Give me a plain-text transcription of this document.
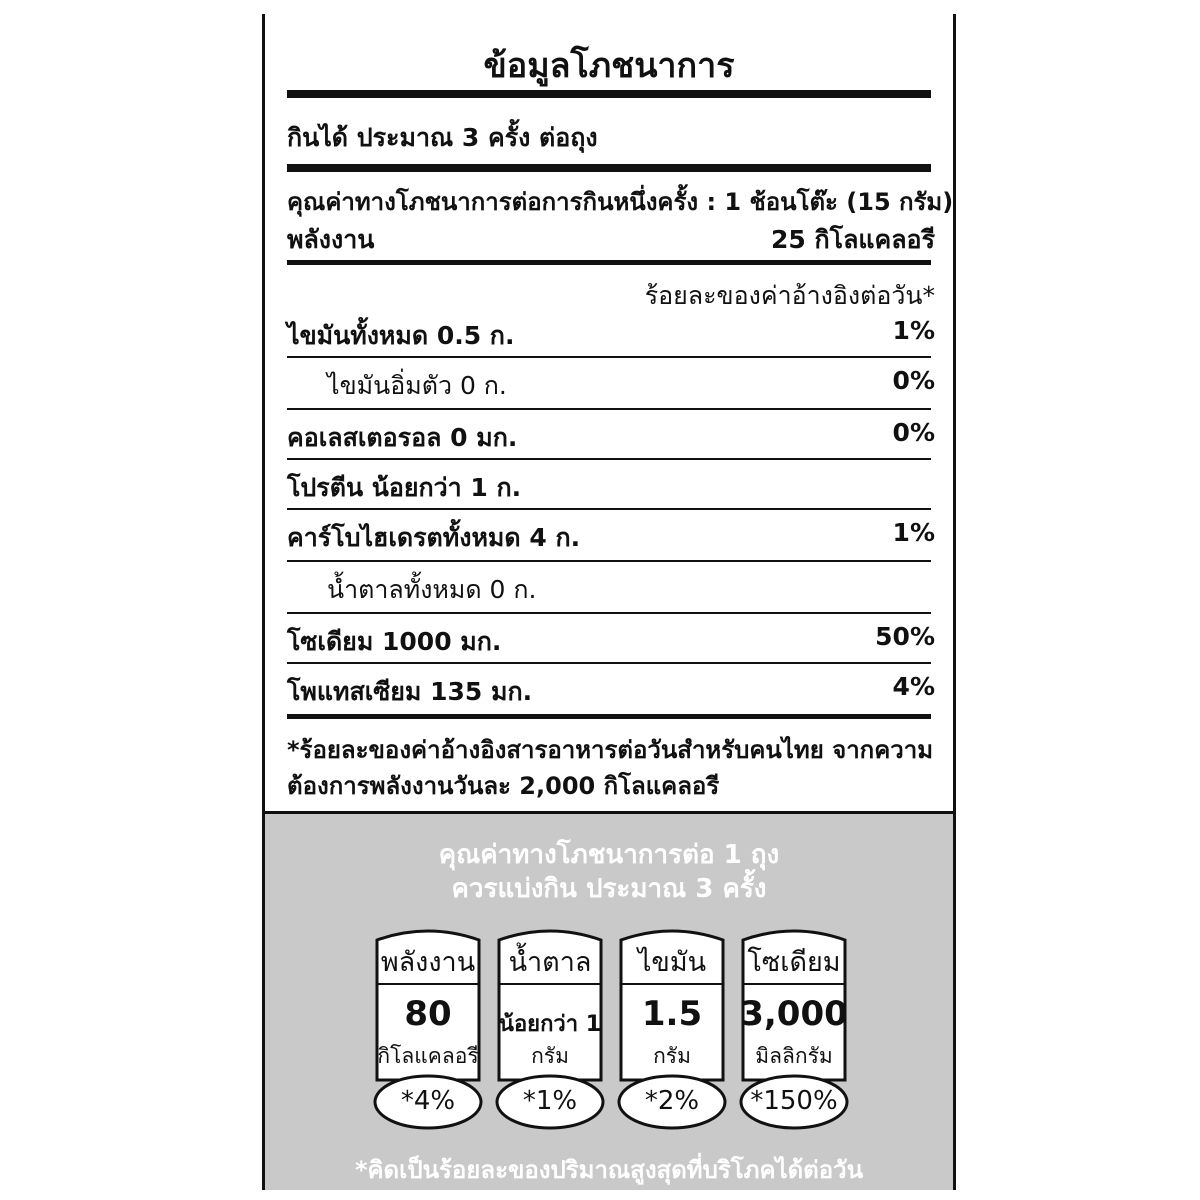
ข้อมูลโภชนาการ
กินได้ ประมาณ 3 ครั้ง ต่อถุง
คุณค่าทางโภชนาการต่อการกินหนึ่งครั้ง : 1 ช้อนโต๊ะ (15 กรัม)
พลังงาน	25 กิโลแคลอรี
ร้อยละของค่าอ้างอิงต่อวัน*
ไขมันทั้งหมด 0.5 ก.	1%
ไขมันอิ่มตัว 0 ก.	0%
คอเลสเตอรอล 0 มก.	0%
โปรตีน น้อยกว่า 1 ก.
คาร์โบไฮเดรตทั้งหมด 4 ก.	1%
น้ำตาลทั้งหมด 0 ก.
โซเดียม 1000 มก.	50%
โพแทสเซียม 135 มก.	4%
*ร้อยละของค่าอ้างอิงสารอาหารต่อวันสำหรับคนไทย จากความ
ต้องการพลังงานวันละ 2,000 กิโลแคลอรี
คุณค่าทางโภชนาการต่อ 1 ถุง
ควรแบ่งกิน ประมาณ 3 ครั้ง
พลังงาน
80
กิโลแคลอรี
*4%
น้ำตาล
น้อยกว่า 1
กรัม
*1%
ไขมัน
1.5
กรัม
*2%
โซเดียม
3,000
มิลลิกรัม
*150%
*คิดเป็นร้อยละของปริมาณสูงสุดที่บริโภคได้ต่อวัน
